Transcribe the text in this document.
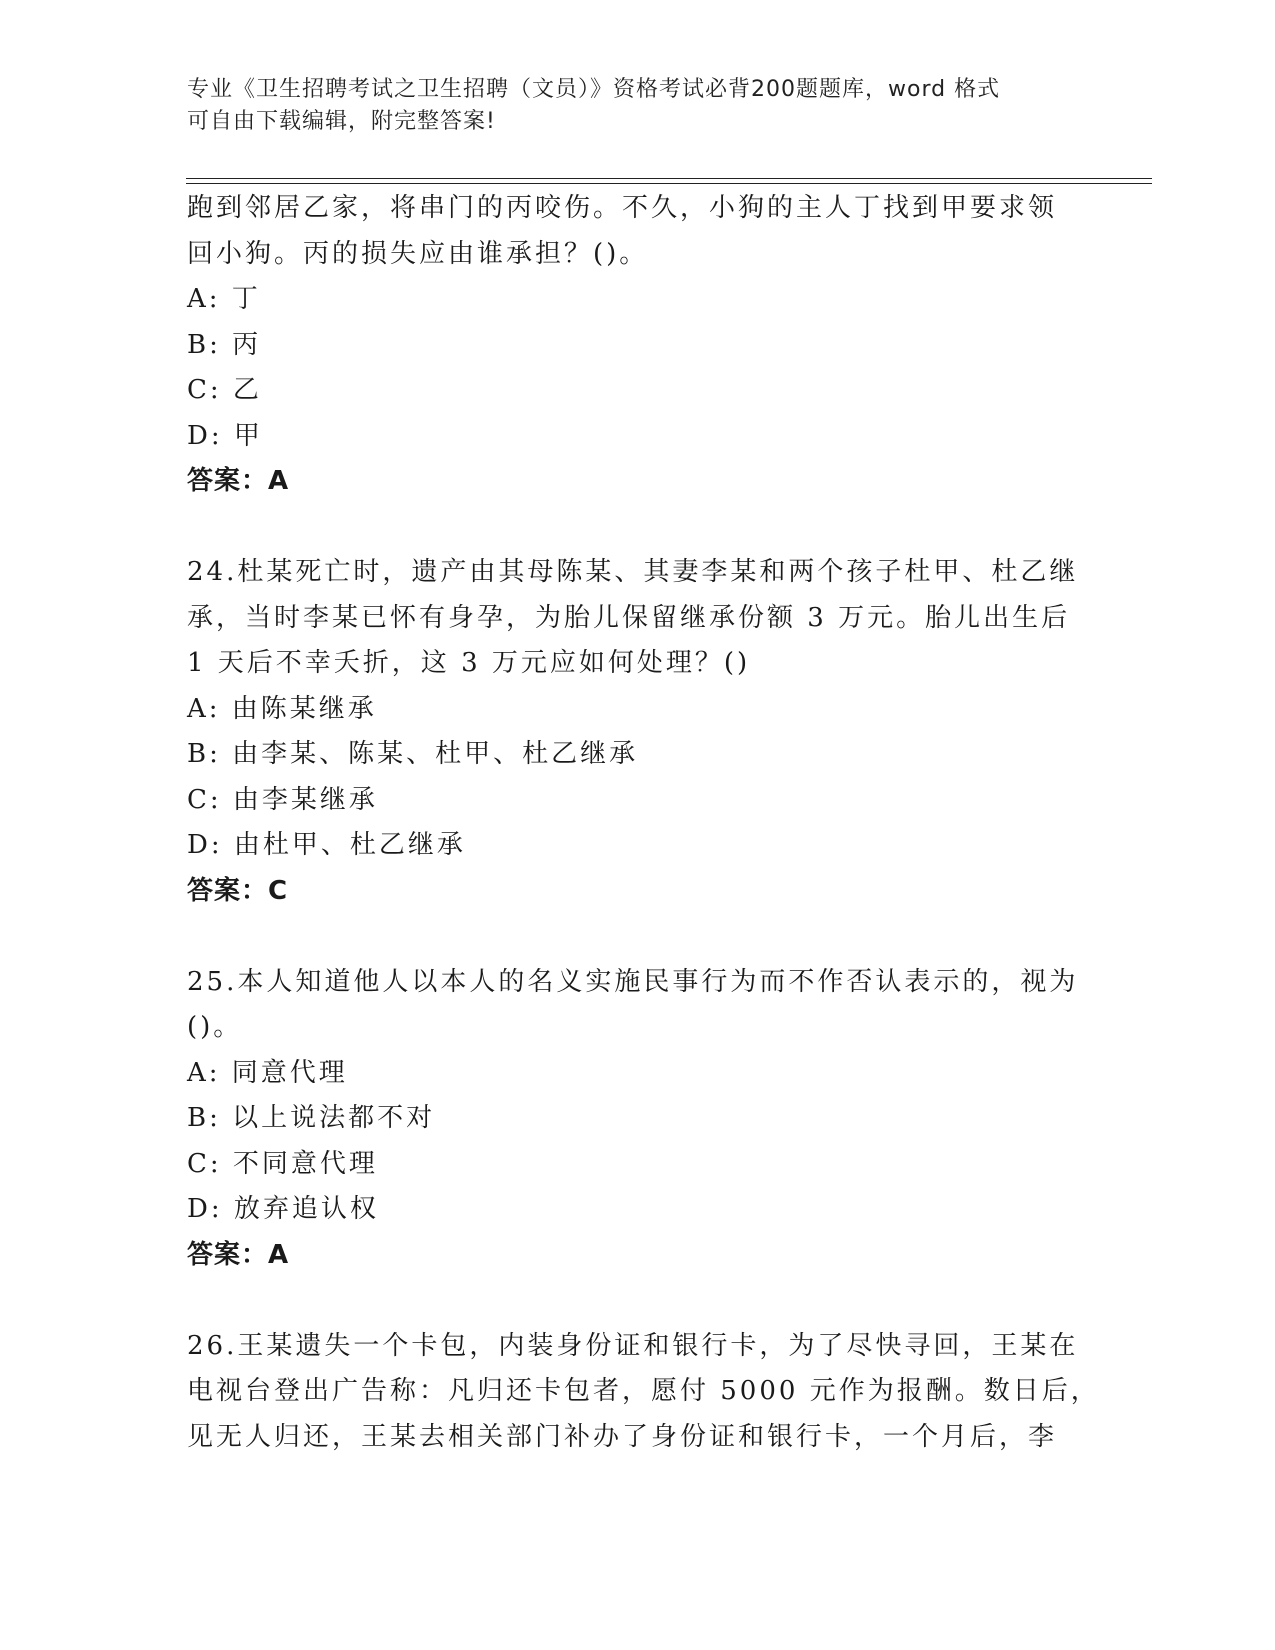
专业《卫生招聘考试之卫生招聘（文员）》资格考试必背200题题库，word 格式
可自由下载编辑，附完整答案!
跑到邻居乙家，将串门的丙咬伤。不久，小狗的主人丁找到甲要求领
回小狗。丙的损失应由谁承担？()。
A: 丁
B: 丙
C: 乙
D: 甲
答案：A
24.杜某死亡时，遗产由其母陈某、其妻李某和两个孩子杜甲、杜乙继
承，当时李某已怀有身孕，为胎儿保留继承份额 3 万元。胎儿出生后
1 天后不幸夭折，这 3 万元应如何处理？()
A: 由陈某继承
B: 由李某、陈某、杜甲、杜乙继承
C: 由李某继承
D: 由杜甲、杜乙继承
答案：C
25.本人知道他人以本人的名义实施民事行为而不作否认表示的，视为
()。
A: 同意代理
B: 以上说法都不对
C: 不同意代理
D: 放弃追认权
答案：A
26.王某遗失一个卡包，内装身份证和银行卡，为了尽快寻回，王某在
电视台登出广告称：凡归还卡包者，愿付 5000 元作为报酬。数日后，
见无人归还，王某去相关部门补办了身份证和银行卡，一个月后，李
